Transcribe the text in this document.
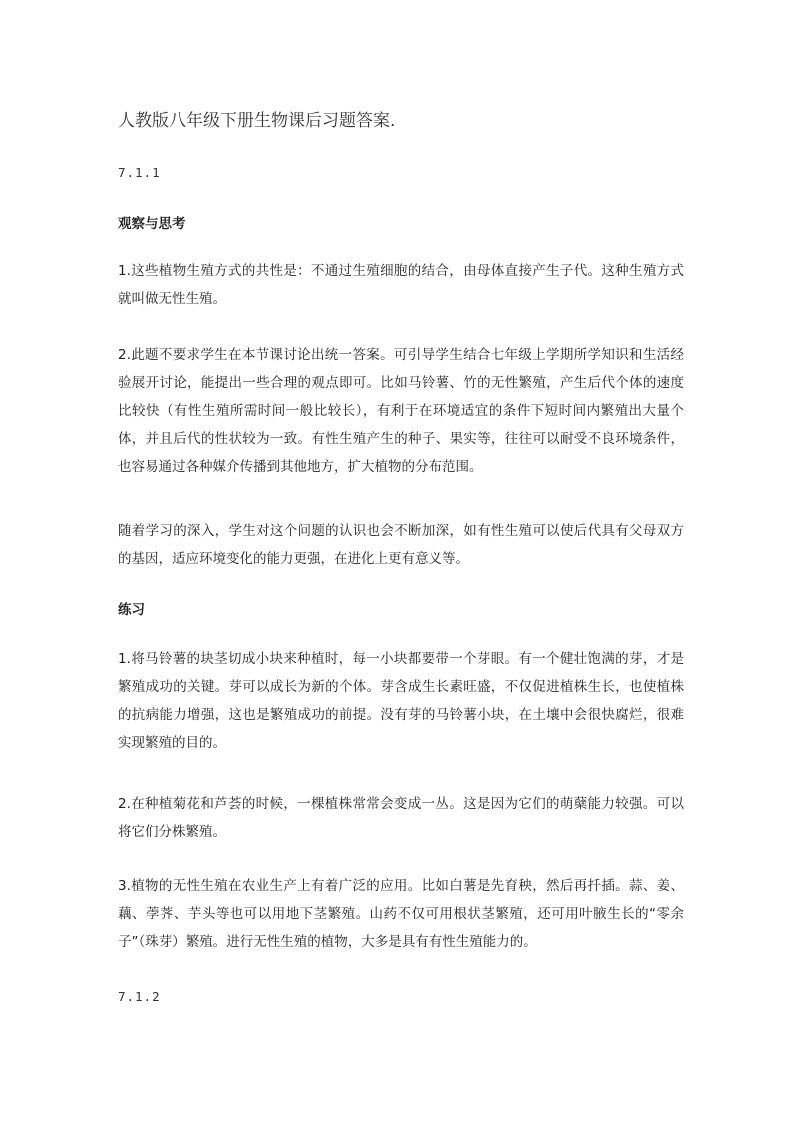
人教版八年级下册生物课后习题答案.
7.1.1
观察与思考
1.这些植物生殖方式的共性是：不通过生殖细胞的结合，由母体直接产生子代。这种生殖方式就叫做无性生殖。
2.此题不要求学生在本节课讨论出统一答案。可引导学生结合七年级上学期所学知识和生活经验展开讨论，能提出一些合理的观点即可。比如马铃薯、竹的无性繁殖，产生后代个体的速度比较快（有性生殖所需时间一般比较长），有利于在环境适宜的条件下短时间内繁殖出大量个体，并且后代的性状较为一致。有性生殖产生的种子、果实等，往往可以耐受不良环境条件，也容易通过各种媒介传播到其他地方，扩大植物的分布范围。
随着学习的深入，学生对这个问题的认识也会不断加深，如有性生殖可以使后代具有父母双方的基因，适应环境变化的能力更强，在进化上更有意义等。
练习
1.将马铃薯的块茎切成小块来种植时，每一小块都要带一个芽眼。有一个健壮饱满的芽，才是繁殖成功的关键。芽可以成长为新的个体。芽含成生长素旺盛，不仅促进植株生长，也使植株的抗病能力增强，这也是繁殖成功的前提。没有芽的马铃薯小块，在土壤中会很快腐烂，很难实现繁殖的目的。
2.在种植菊花和芦荟的时候，一棵植株常常会变成一丛。这是因为它们的萌蘖能力较强。可以将它们分株繁殖。
3.植物的无性生殖在农业生产上有着广泛的应用。比如白薯是先育秧，然后再扦插。蒜、姜、藕、荸荠、芋头等也可以用地下茎繁殖。山药不仅可用根状茎繁殖，还可用叶腋生长的“零余子”（珠芽）繁殖。进行无性生殖的植物，大多是具有有性生殖能力的。
7.1.2
